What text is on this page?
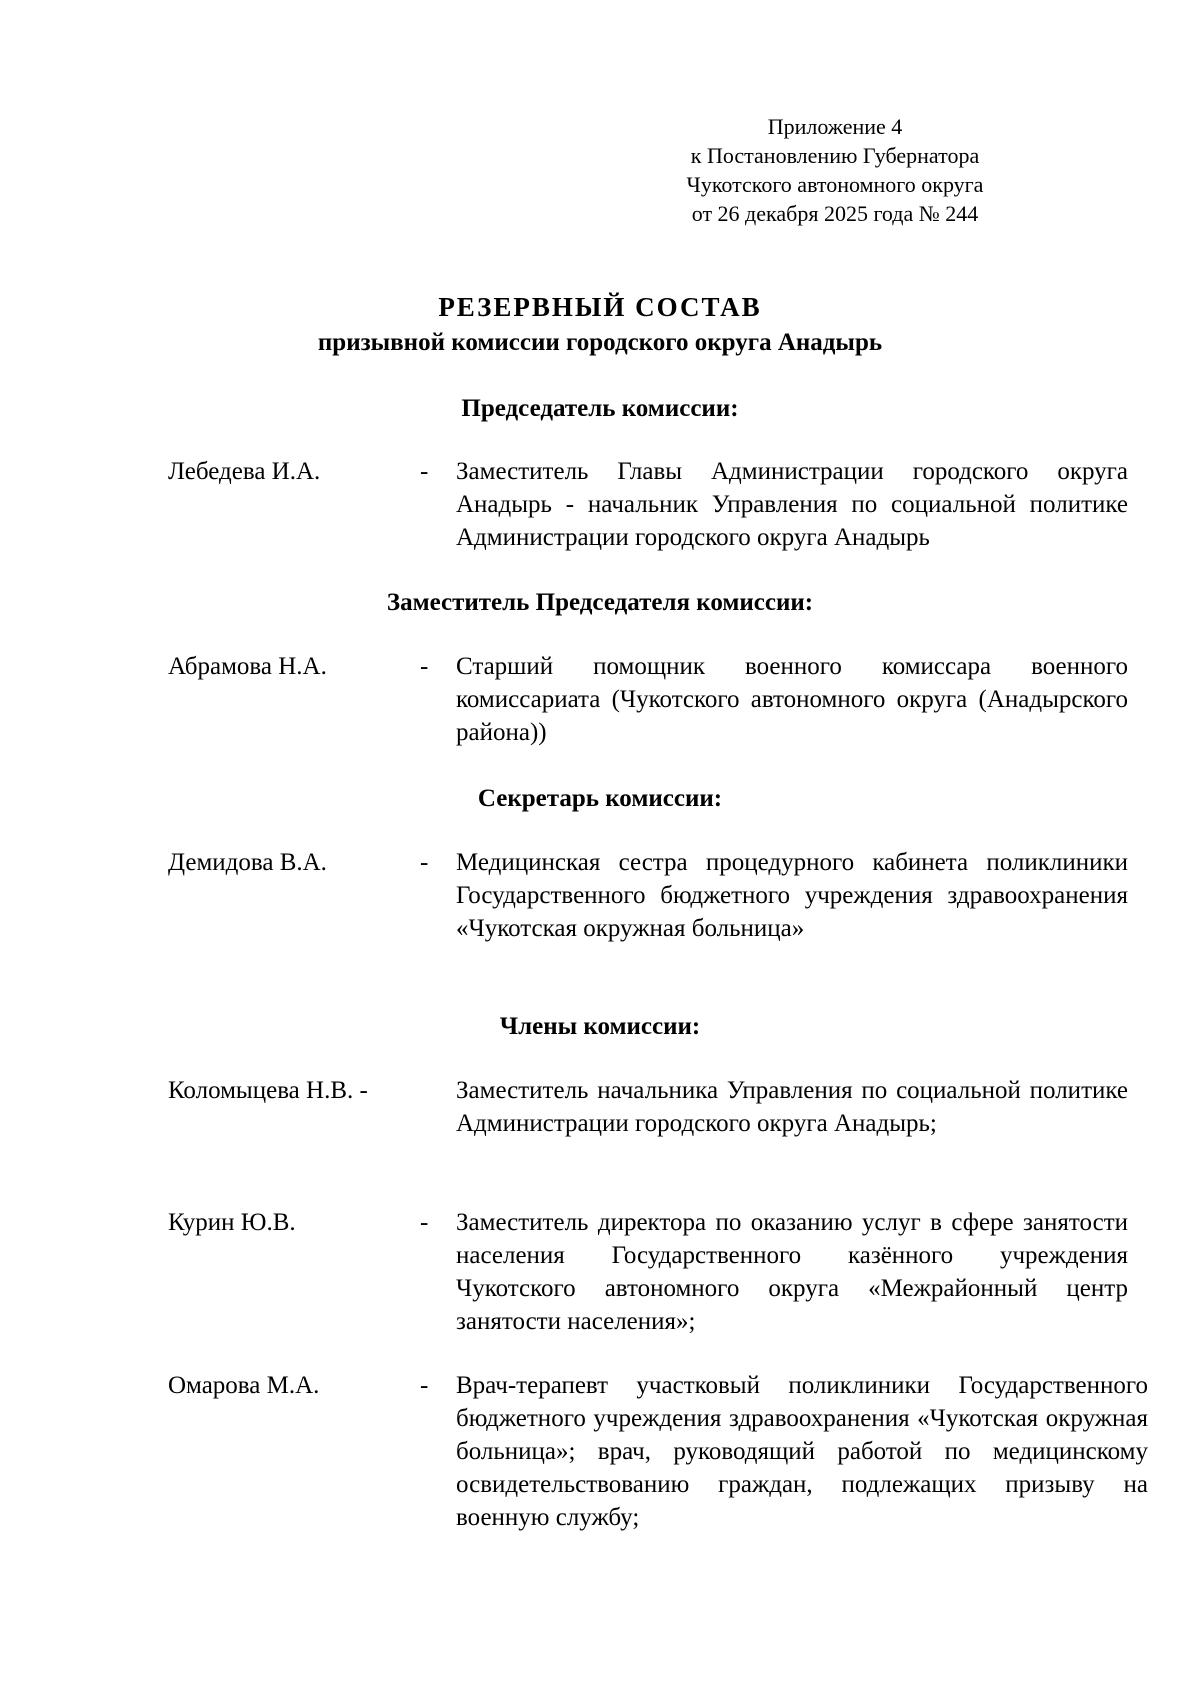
Приложение 4
к Постановлению Губернатора
Чукотского автономного округа
от 26 декабря 2025 года № 244
РЕЗЕРВНЫЙ СОСТАВ
призывной комиссии городского округа Анадырь
Председатель комиссии:
Лебедева И.А.	- Заместитель Главы Администрации городского округа Анадырь - начальник Управления по социальной политике Администрации городского округа Анадырь
Заместитель Председателя комиссии:
Абрамова Н.А.	- Старший помощник военного комиссара военного комиссариата (Чукотского автономного округа (Анадырского района))
Секретарь комиссии:
Демидова В.А.	- Медицинская сестра процедурного кабинета поликлиники Государственного бюджетного учреждения здравоохранения «Чукотская окружная больница»
Члены комиссии:
Коломыцева Н.В. -	Заместитель начальника Управления по социальной политике Администрации городского округа Анадырь;
Курин Ю.В.	- Заместитель директора по оказанию услуг в сфере занятости населения Государственного казённого учреждения Чукотского автономного округа «Межрайонный центр занятости населения»;
Омарова М.А.	- Врач-терапевт участковый поликлиники Государственного бюджетного учреждения здравоохранения «Чукотская окружная больница»; врач, руководящий работой по медицинскому освидетельствованию граждан, подлежащих призыву на военную службу;
